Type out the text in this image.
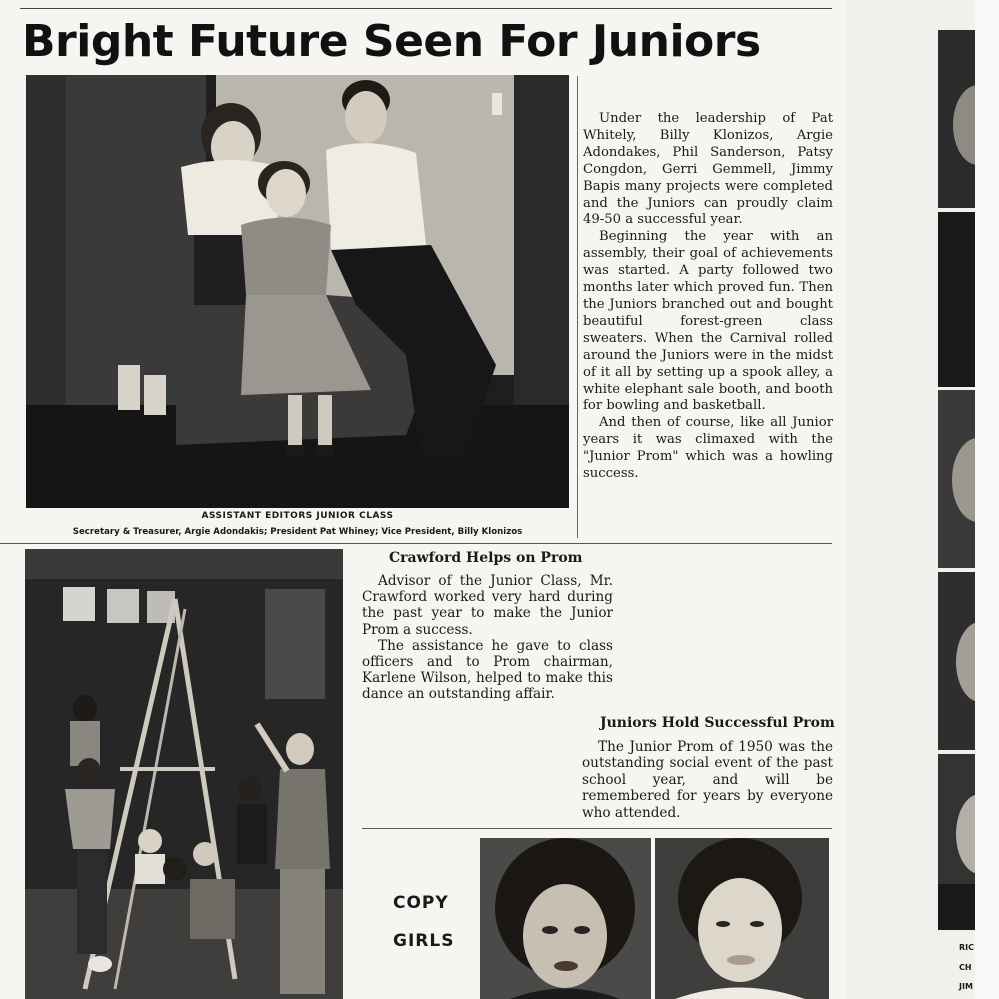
Bright Future Seen For Juniors
ASSISTANT EDITORS JUNIOR CLASS
Secretary & Treasurer, Argie Adondakis; President Pat Whiney; Vice President, Billy Klonizos

Under the leadership of Pat Whitely, Billy Klonizos, Argie Adondakes, Phil Sanderson, Patsy Congdon, Gerri Gemmell, Jimmy Bapis many projects were completed and the Juniors can proudly claim 49-50 a successful year.

Beginning the year with an assembly, their goal of achievements was started. A party followed two months later which proved fun. Then the Juniors branched out and bought beautiful forest-green class sweaters. When the Carnival rolled around the Juniors were in the midst of it all by setting up a spook alley, a white elephant sale booth, and booth for bowling and basketball.

And then of course, like all Junior years it was climaxed with the "Junior Prom" which was a howling success.

Crawford Helps on Prom

Advisor of the Junior Class, Mr. Crawford worked very hard during the past year to make the Junior Prom a success.

The assistance he gave to class officers and to Prom chairman, Karlene Wilson, helped to make this dance an outstanding affair.

Juniors Hold Successful Prom

The Junior Prom of 1950 was the outstanding social event of the past school year, and will be remembered for years by everyone who attended.

COPY
GIRLS	RIC
CH
JIM
